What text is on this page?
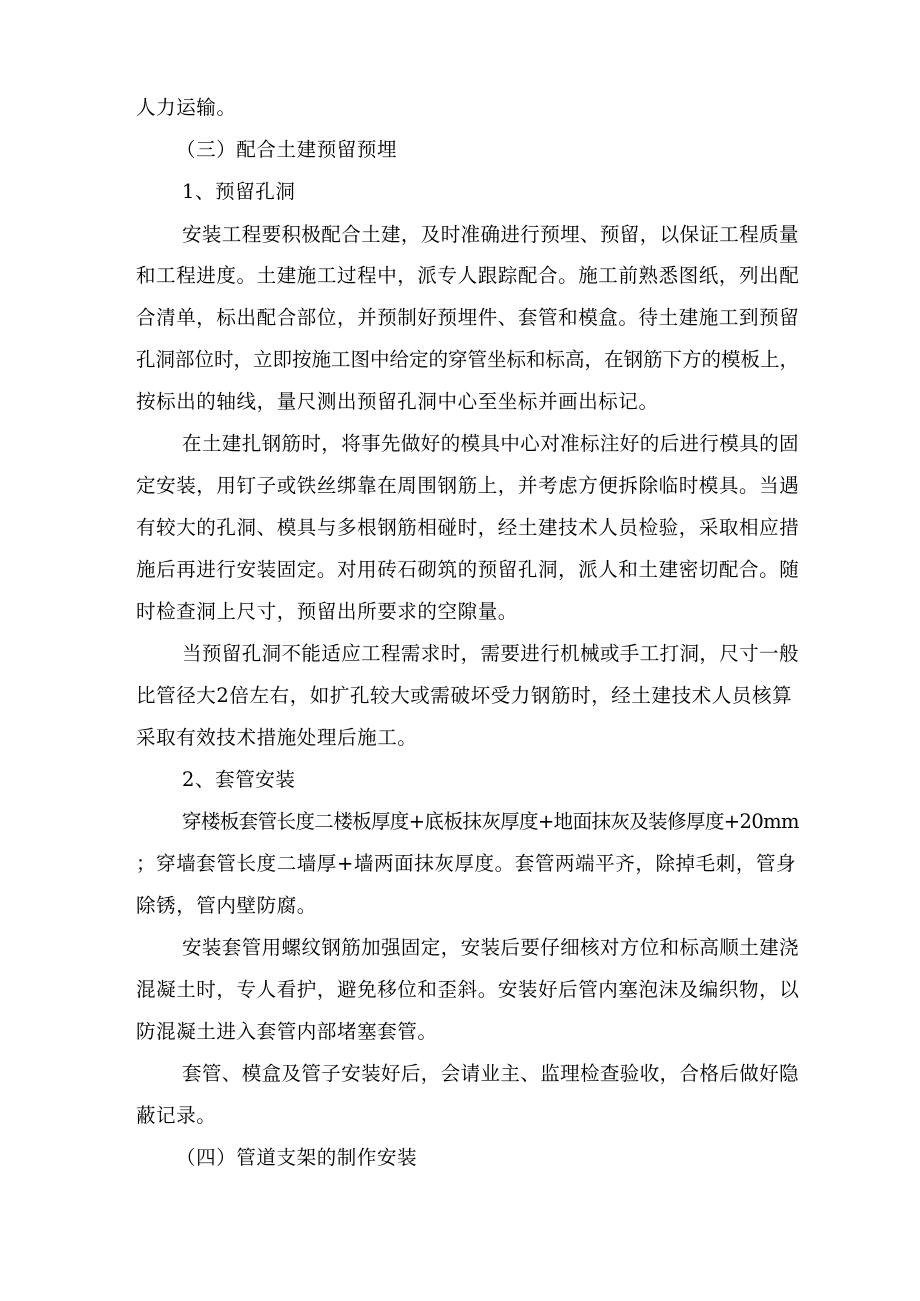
人力运输。
（三）配合土建预留预埋
1、预留孔洞
安装工程要积极配合土建，及时准确进行预埋、预留，以保证工程质量
和工程进度。土建施工过程中，派专人跟踪配合。施工前熟悉图纸，列出配
合清单，标出配合部位，并预制好预埋件、套管和模盒。待土建施工到预留
孔洞部位时，立即按施工图中给定的穿管坐标和标高，在钢筋下方的模板上，
按标出的轴线，量尺测出预留孔洞中心至坐标并画出标记。
在土建扎钢筋时，将事先做好的模具中心对准标注好的后进行模具的固
定安装，用钉子或铁丝绑靠在周围钢筋上，并考虑方便拆除临时模具。当遇
有较大的孔洞、模具与多根钢筋相碰时，经土建技术人员检验，采取相应措
施后再进行安装固定。对用砖石砌筑的预留孔洞，派人和土建密切配合。随
时检查洞上尺寸，预留出所要求的空隙量。
当预留孔洞不能适应工程需求时，需要进行机械或手工打洞，尺寸一般
比管径大2倍左右，如扩孔较大或需破坏受力钢筋时，经土建技术人员核算
采取有效技术措施处理后施工。
2、套管安装
穿楼板套管长度二楼板厚度+底板抹灰厚度+地面抹灰及装修厚度+20mm
；穿墙套管长度二墙厚+墙两面抹灰厚度。套管两端平齐，除掉毛刺，管身
除锈，管内壁防腐。
安装套管用螺纹钢筋加强固定，安装后要仔细核对方位和标高顺土建浇
混凝土时，专人看护，避免移位和歪斜。安装好后管内塞泡沫及编织物，以
防混凝土进入套管内部堵塞套管。
套管、模盒及管子安装好后，会请业主、监理检查验收，合格后做好隐
蔽记录。
（四）管道支架的制作安装
